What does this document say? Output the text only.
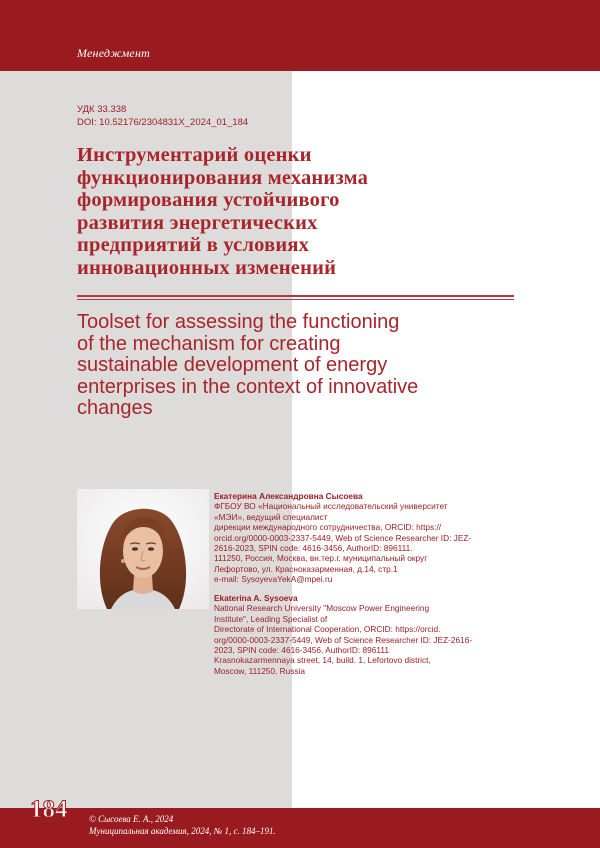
Менеджмент
УДК 33.338
DOI: 10.52176/2304831X_2024_01_184
Инструментарий оценки
функционирования механизма
формирования устойчивого
развития энергетических
предприятий в условиях
инновационных изменений
Toolset for assessing the functioning
of the mechanism for creating
sustainable development of energy
enterprises in the context of innovative
changes
Екатерина Александровна Сысоева
ФГБОУ ВО «Национальный исследовательский университет
«МЭИ», ведущий специалист
дирекции международного сотрудничества, ORCID: https://
orcid.org/0000-0003-2337-5449, Web of Science Researcher ID: JEZ-
2616-2023, SPIN code: 4616-3456, AuthorID: 896111.
111250, Россия, Москва, вн.тер.г. муниципальный округ
Лефортово, ул. Красноказарменная, д.14, стр.1
e-mail: SysoyevaYekA@mpei.ru
Ekaterina A. Sysoeva
National Research University "Moscow Power Engineering
Institute", Leading Specialist of
Directorate of International Cooperation, ORCID: https://orcid.
org/0000-0003-2337-5449, Web of Science Researcher ID: JEZ-2616-
2023, SPIN code: 4616-3456, AuthorID: 896111
Krasnokazarmennaya street, 14, build. 1, Lefortovo district,
Moscow, 111250, Russia
184 © Сысоева Е. А., 2024
Муниципальная академия, 2024, № 1, с. 184–191.
